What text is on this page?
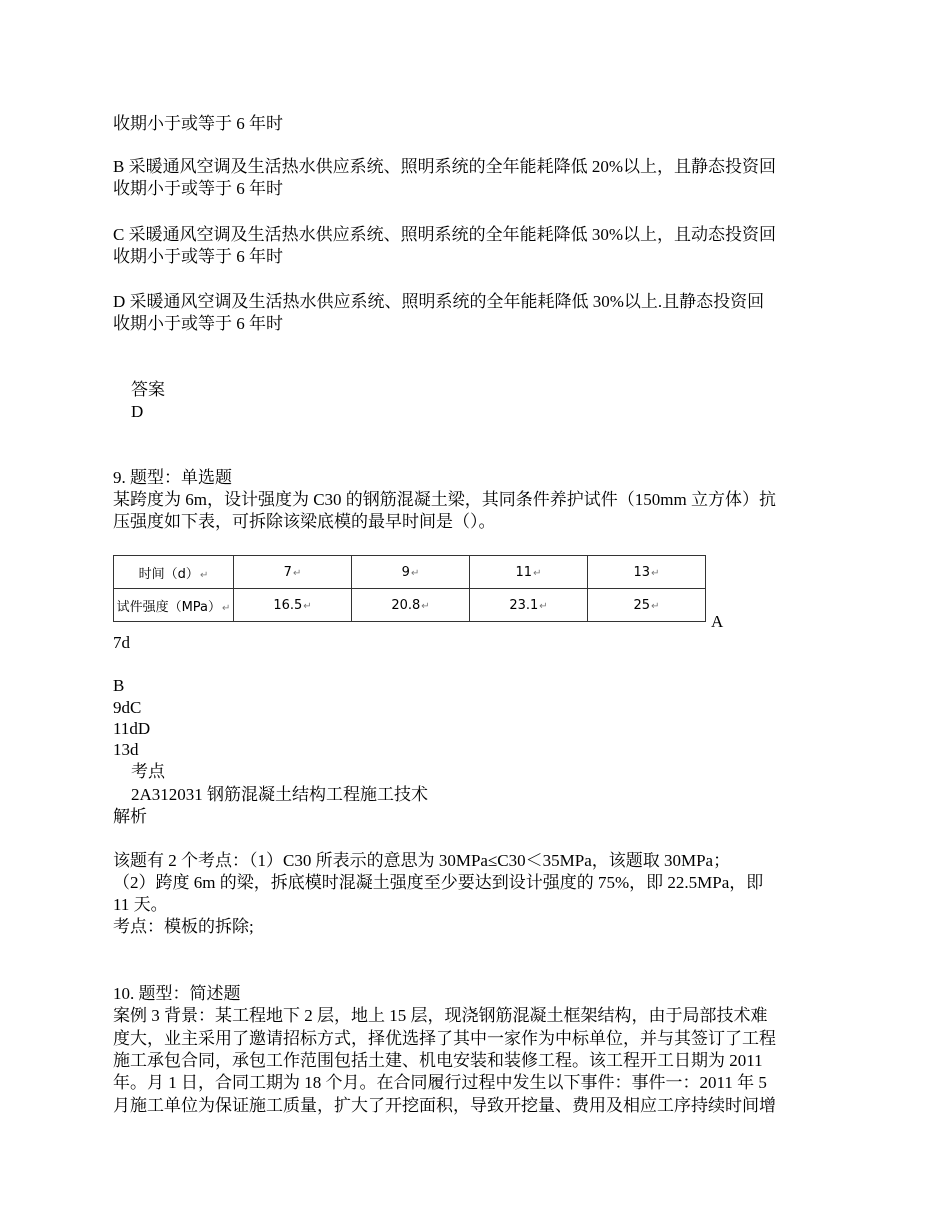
收期小于或等于 6 年时
B 采暖通风空调及生活热水供应系统、照明系统的全年能耗降低 20%以上，且静态投资回
收期小于或等于 6 年时
C 采暖通风空调及生活热水供应系统、照明系统的全年能耗降低 30%以上，且动态投资回
收期小于或等于 6 年时
D 采暖通风空调及生活热水供应系统、照明系统的全年能耗降低 30%以上.且静态投资回
收期小于或等于 6 年时
答案
D
9. 题型：单选题
某跨度为 6m，设计强度为 C30 的钢筋混凝土梁，其同条件养护试件（150mm 立方体）抗
压强度如下表，可拆除该梁底模的最早时间是（）。
时间（d）↵	7↵	9↵	11↵	13↵
试件强度（MPa）↵	16.5↵	20.8↵	23.1↵	25↵
A
7d
B
9dC
11dD
13d
考点
2A312031 钢筋混凝土结构工程施工技术
解析
该题有 2 个考点：（1）C30 所表示的意思为 30MPa≤C30＜35MPa，该题取 30MPa；
（2）跨度 6m 的梁，拆底模时混凝土强度至少要达到设计强度的 75%，即 22.5MPa，即
11 天。
考点：模板的拆除;
10. 题型：简述题
案例 3 背景：某工程地下 2 层，地上 15 层，现浇钢筋混凝土框架结构，由于局部技术难
度大，业主采用了邀请招标方式，择优选择了其中一家作为中标单位，并与其签订了工程
施工承包合同，承包工作范围包括土建、机电安装和装修工程。该工程开工日期为 2011
年。月 1 日，合同工期为 18 个月。在合同履行过程中发生以下事件：事件一：2011 年 5
月施工单位为保证施工质量，扩大了开挖面积，导致开挖量、费用及相应工序持续时间增
